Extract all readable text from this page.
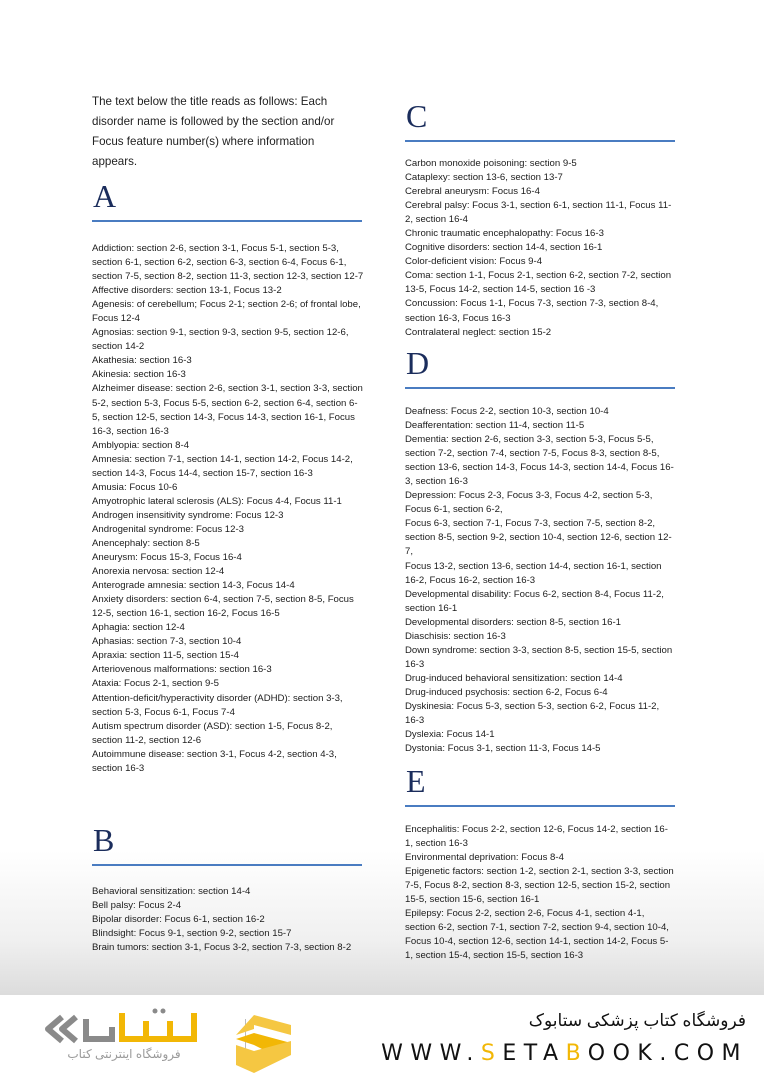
The text below the title reads as follows: Each disorder name is followed by the section and/or Focus feature number(s) where information appears.

A
Addiction: section 2-6, section 3-1, Focus 5-1, section 5-3, section 6-1, section 6-2, section 6-3, section 6-4, Focus 6-1, section 7-5, section 8-2, section 11-3, section 12-3, section 12-7
Affective disorders: section 13-1, Focus 13-2
Agenesis: of cerebellum; Focus 2-1; section 2-6; of frontal lobe, Focus 12-4
Agnosias: section 9-1, section 9-3, section 9-5, section 12-6, section 14-2
Akathesia: section 16-3
Akinesia: section 16-3
Alzheimer disease: section 2-6, section 3-1, section 3-3, section 5-2, section 5-3, Focus 5-5, section 6-2, section 6-4, section 6-5, section 12-5, section 14-3, Focus 14-3, section 16-1, Focus 16-3, section 16-3
Amblyopia: section 8-4
Amnesia: section 7-1, section 14-1, section 14-2, Focus 14-2, section 14-3, Focus 14-4, section 15-7, section 16-3
Amusia: Focus 10-6
Amyotrophic lateral sclerosis (ALS): Focus 4-4, Focus 11-1
Androgen insensitivity syndrome: Focus 12-3
Androgenital syndrome: Focus 12-3
Anencephaly: section 8-5
Aneurysm: Focus 15-3, Focus 16-4
Anorexia nervosa: section 12-4
Anterograde amnesia: section 14-3, Focus 14-4
Anxiety disorders: section 6-4, section 7-5, section 8-5, Focus 12-5, section 16-1, section 16-2, Focus 16-5
Aphagia: section 12-4
Aphasias: section 7-3, section 10-4
Apraxia: section 11-5, section 15-4
Arteriovenous malformations: section 16-3
Ataxia: Focus 2-1, section 9-5
Attention-deficit/hyperactivity disorder (ADHD): section 3-3, section 5-3, Focus 6-1, Focus 7-4
Autism spectrum disorder (ASD): section 1-5, Focus 8-2, section 11-2, section 12-6
Autoimmune disease: section 3-1, Focus 4-2, section 4-3, section 16-3
B
Behavioral sensitization: section 14-4
Bell palsy: Focus 2-4
Bipolar disorder: Focus 6-1, section 16-2
Blindsight: Focus 9-1, section 9-2, section 15-7
Brain tumors: section 3-1, Focus 3-2, section 7-3, section 8-2
C
Carbon monoxide poisoning: section 9-5
Cataplexy: section 13-6, section 13-7
Cerebral aneurysm: Focus 16-4
Cerebral palsy: Focus 3-1, section 6-1, section 11-1, Focus 11-2, section 16-4
Chronic traumatic encephalopathy: Focus 16-3
Cognitive disorders: section 14-4, section 16-1
Color-deficient vision: Focus 9-4
Coma: section 1-1, Focus 2-1, section 6-2, section 7-2, section 13-5, Focus 14-2, section 14-5, section 16 -3
Concussion: Focus 1-1, Focus 7-3, section 7-3, section 8-4, section 16-3, Focus 16-3
Contralateral neglect: section 15-2
D
Deafness: Focus 2-2, section 10-3, section 10-4
Deafferentation: section 11-4, section 11-5
Dementia: section 2-6, section 3-3, section 5-3, Focus 5-5, section 7-2, section 7-4, section 7-5, Focus 8-3, section 8-5, section 13-6, section 14-3, Focus 14-3, section 14-4, Focus 16-3, section 16-3
Depression: Focus 2-3, Focus 3-3, Focus 4-2, section 5-3, Focus 6-1, section 6-2,
Focus 6-3, section 7-1, Focus 7-3, section 7-5, section 8-2, section 8-5, section 9-2, section 10-4, section 12-6, section 12-7,
Focus 13-2, section 13-6, section 14-4, section 16-1, section 16-2, Focus 16-2, section 16-3
Developmental disability: Focus 6-2, section 8-4, Focus 11-2, section 16-1
Developmental disorders: section 8-5, section 16-1
Diaschisis: section 16-3
Down syndrome: section 3-3, section 8-5, section 15-5, section 16-3
Drug-induced behavioral sensitization: section 14-4
Drug-induced psychosis: section 6-2, Focus 6-4
Dyskinesia: Focus 5-3, section 5-3, section 6-2, Focus 11-2, 16-3
Dyslexia: Focus 14-1
Dystonia: Focus 3-1, section 11-3, Focus 14-5
E
Encephalitis: Focus 2-2, section 12-6, Focus 14-2, section 16-1, section 16-3
Environmental deprivation: Focus 8-4
Epigenetic factors: section 1-2, section 2-1, section 3-3, section 7-5, Focus 8-2, section 8-3, section 12-5, section 15-2, section 15-5, section 15-6, section 16-1
Epilepsy: Focus 2-2, section 2-6, Focus 4-1, section 4-1, section 6-2, section 7-1, section 7-2, section 9-4, section 10-4,
Focus 10-4, section 12-6, section 14-1, section 14-2, Focus 5-1, section 15-4, section 15-5, section 16-3
فروشگاه اینترنتی کتاب
فروشگاه کتاب پزشکی ستابوک
WWW.SETABOOK.COM
